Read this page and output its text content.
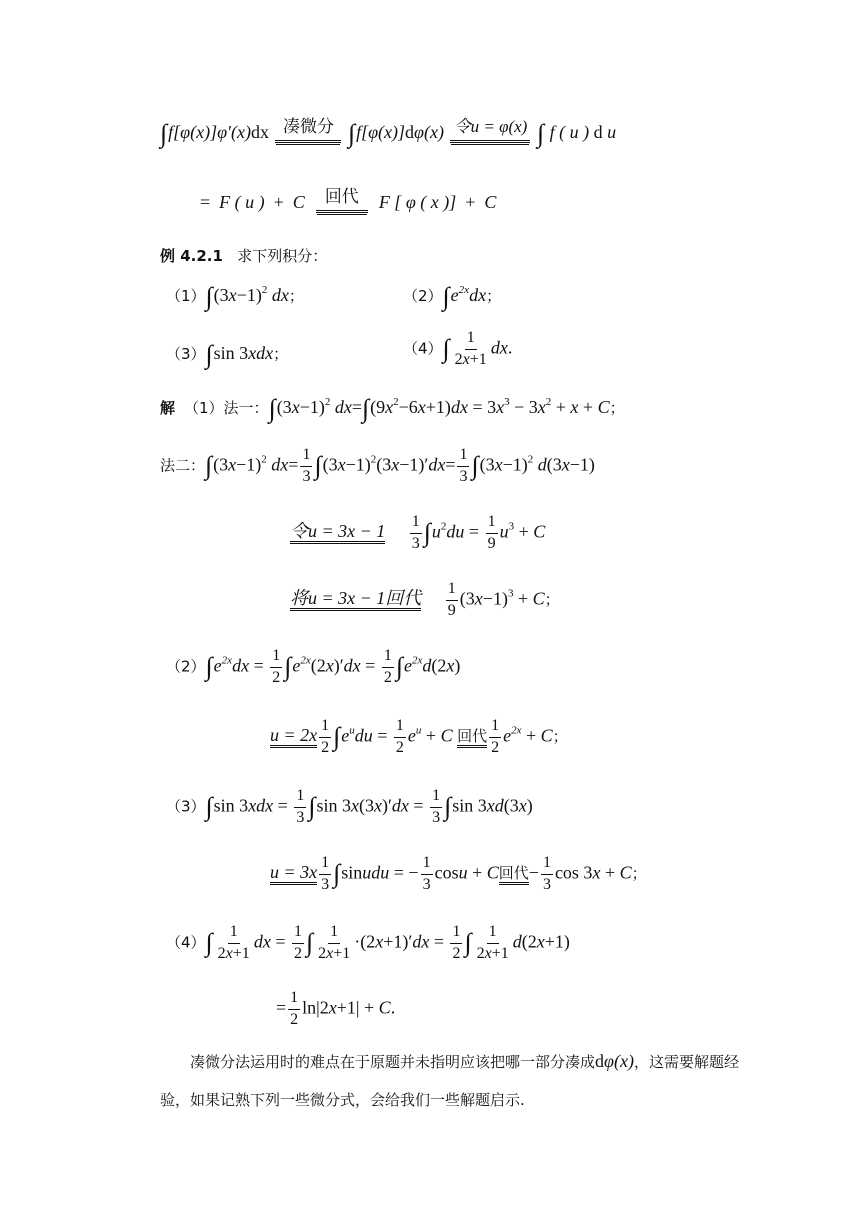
∫f[φ(x)]φ′(x)dx 凑微分 ∫f[φ(x)]dφ(x) 令u = φ(x) ∫ f ( u ) d u
=  F ( u )  +  C 回代 F [ φ ( x )]  +  C
例 4.2.1 求下列积分：
$(1)\int(3x-1)^2$ dx；	$(2)\int e^{2x}dx$；
（3）∫sin 3xdx；	$(4)\int \frac{1}{2x+1}$ dx.
解 （1）法一：$\int(3x-1)^2$ $dx=\int(9x^2-6x+1)dx = 3x^3 - 3x^2 + x + C$；
法二：$\int(3x-1)^2$ $dx= \frac{1}{3} \int(3x-1)^2(3x-1)'dx= \frac{1}{3} \int(3x-1)^2$ d(3x−1)
令$u = 3x - 1 \frac{1}{3} \int u^2du = \frac{1}{9} u^3 + C$
将u = 3x − 1回代 $\frac{1}{9} (3x-1)^3 + C$；
$(2)\int e^{2x}dx = \frac{1}{2} \int e^{2x}(2x)'dx = \frac{1}{2} \int e^{2x}d(2x)$
$u = 2x \frac{1}{2} \int e^udu = \frac{1}{2} e^u + C$ 回代 $\frac{1}{2} e^{2x} + C$；
（3）∫sin $3xdx = \frac{1}{3} \int\sin$ $3x(3x)'dx = \frac{1}{3} \int\sin$ 3xd(3x)
$u = 3x \frac{1}{3}$ ∫sinudu = − $\frac{1}{3}$ cosu + C回代− $\frac{1}{3}$ cos 3x + C；
$(4)\int \frac{1}{2x+1}$ dx = $\frac{1}{2}$ ∫ $\frac{1}{2x+1} \cdot(2x+1)'dx = \frac{1}{2}$ ∫ $\frac{1}{2x+1} d(2x+1)$
= $\frac{1}{2} \ln|2x+1| + C$.
凑微分法运用时的难点在于原题并未指明应该把哪一部分凑成dφ(x)，这需要解题经
验，如果记熟下列一些微分式，会给我们一些解题启示.
